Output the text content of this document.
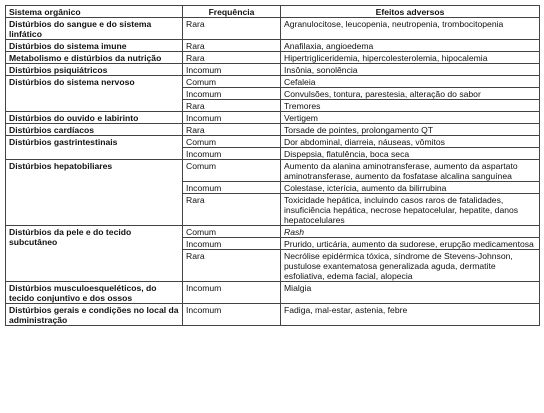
Sistema orgânico	Frequência	Efeitos adversos
Distúrbios do sangue e do sistema linfático	Rara	Agranulocitose, leucopenia, neutropenia, trombocitopenia
Distúrbios do sistema imune	Rara	Anafilaxia, angioedema
Metabolismo e distúrbios da nutrição	Rara	Hipertrigliceridemia, hipercolesterolemia, hipocalemia
Distúrbios psiquiátricos	Incomum	Insônia, sonolência
Distúrbios do sistema nervoso	Comum	Cefaleia
	Incomum	Convulsões, tontura, parestesia, alteração do sabor
	Rara	Tremores
Distúrbios do ouvido e labirinto	Incomum	Vertigem
Distúrbios cardíacos	Rara	Torsade de pointes, prolongamento QT
Distúrbios gastrintestinais	Comum	Dor abdominal, diarreia, náuseas, vômitos
	Incomum	Dispepsia, flatulência, boca seca
Distúrbios hepatobiliares	Comum	Aumento da alanina aminotransferase, aumento da aspartato aminotransferase, aumento da fosfatase alcalina sanguínea
	Incomum	Colestase, icterícia, aumento da bilirrubina
	Rara	Toxicidade hepática, incluindo casos raros de fatalidades, insuficiência hepática, necrose hepatocelular, hepatite, danos hepatocelulares
Distúrbios da pele e do tecido subcutâneo	Comum	Rash
	Incomum	Prurido, urticária, aumento da sudorese, erupção medicamentosa
	Rara	Necrólise epidérmica tóxica, síndrome de Stevens-Johnson, pustulose exantematosa generalizada aguda, dermatite esfoliativa, edema facial, alopecia
Distúrbios musculoesqueléticos, do tecido conjuntivo e dos ossos	Incomum	Mialgia
Distúrbios gerais e condições no local da administração	Incomum	Fadiga, mal-estar, astenia, febre
